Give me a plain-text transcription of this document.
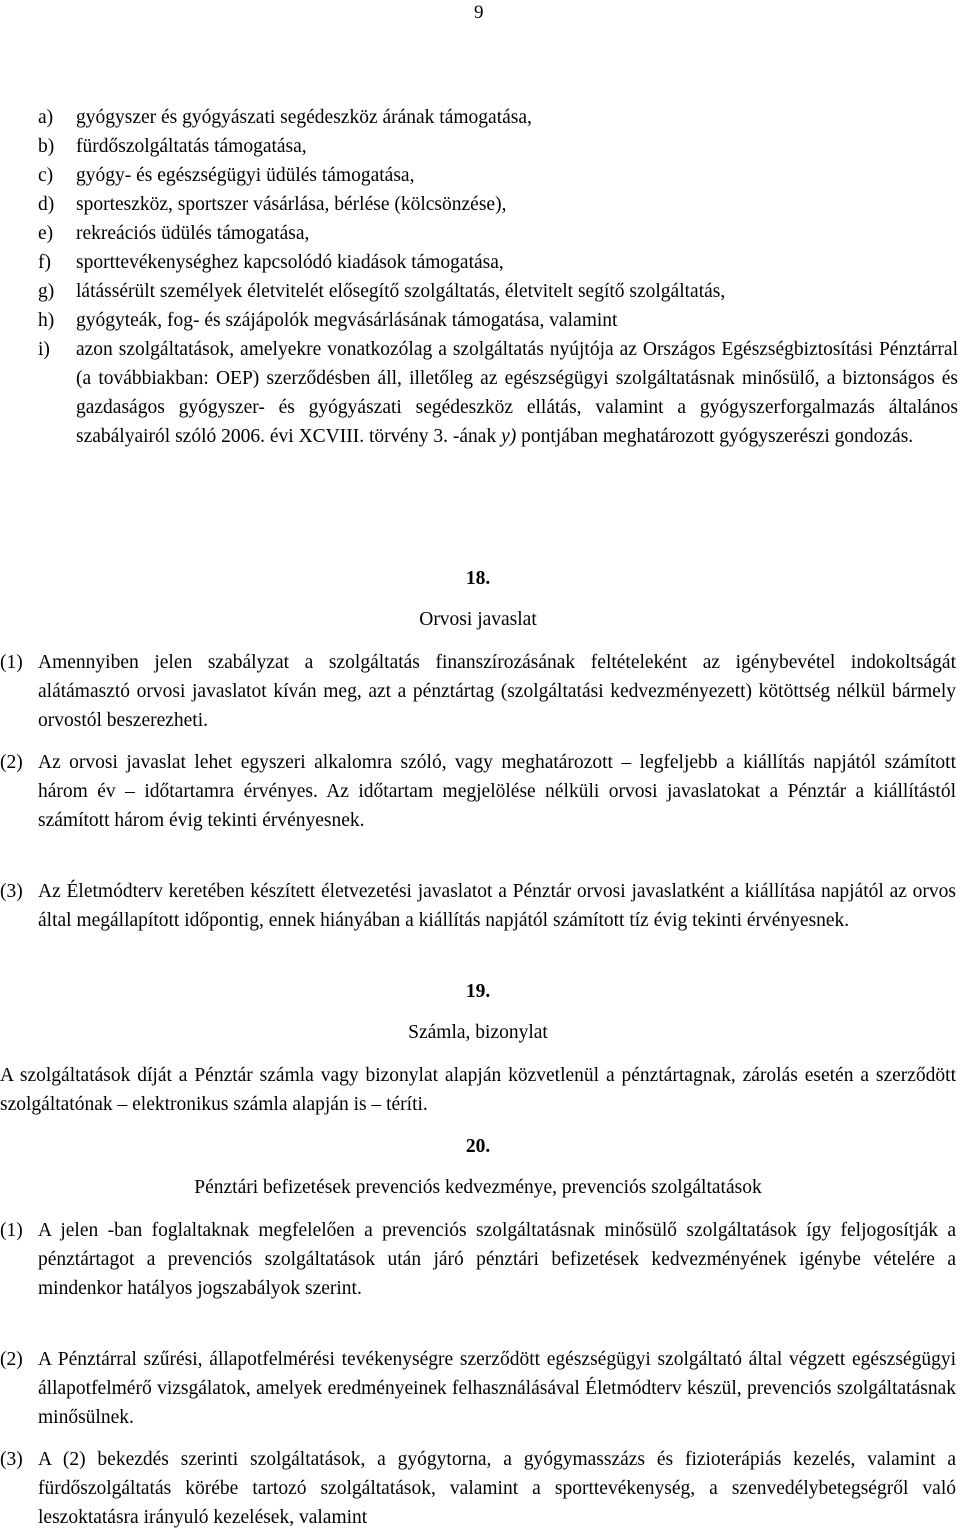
9
a) gyógyszer és gyógyászati segédeszköz árának támogatása,
b) fürdőszolgáltatás támogatása,
c) gyógy- és egészségügyi üdülés támogatása,
d) sporteszköz, sportszer vásárlása, bérlése (kölcsönzése),
e) rekreációs üdülés támogatása,
f) sporttevékenységhez kapcsolódó kiadások támogatása,
g) látássérült személyek életvitelét elősegítő szolgáltatás, életvitelt segítő szolgáltatás,
h) gyógyteák, fog- és szájápolók megvásárlásának támogatása, valamint
i) azon szolgáltatások, amelyekre vonatkozólag a szolgáltatás nyújtója az Országos Egészségbiztosítási Pénztárral (a továbbiakban: OEP) szerződésben áll, illetőleg az egészségügyi szolgáltatásnak minősülő, a biztonságos és gazdaságos gyógyszer- és gyógyászati segédeszköz ellátás, valamint a gyógyszerforgalmazás általános szabályairól szóló 2006. évi XCVIII. törvény 3. -ának y) pontjában meghatározott gyógyszerészi gondozás.
18.
Orvosi javaslat

(1) Amennyiben jelen szabályzat a szolgáltatás finanszírozásának feltételeként az igénybevétel indokoltságát alátámasztó orvosi javaslatot kíván meg, azt a pénztártag (szolgáltatási kedvezményezett) kötöttség nélkül bármely orvostól beszerezheti.

(2) Az orvosi javaslat lehet egyszeri alkalomra szóló, vagy meghatározott – legfeljebb a kiállítás napjától számított három év – időtartamra érvényes. Az időtartam megjelölése nélküli orvosi javaslatokat a Pénztár a kiállítástól számított három évig tekinti érvényesnek.

(3) Az Életmódterv keretében készített életvezetési javaslatot a Pénztár orvosi javaslatként a kiállítása napjától az orvos által megállapított időpontig, ennek hiányában a kiállítás napjától számított tíz évig tekinti érvényesnek.

19.
Számla, bizonylat

A szolgáltatások díját a Pénztár számla vagy bizonylat alapján közvetlenül a pénztártagnak, zárolás esetén a szerződött szolgáltatónak – elektronikus számla alapján is – téríti.

20.
Pénztári befizetések prevenciós kedvezménye, prevenciós szolgáltatások

(1) A jelen -ban foglaltaknak megfelelően a prevenciós szolgáltatásnak minősülő szolgáltatások így feljogosítják a pénztártagot a prevenciós szolgáltatások után járó pénztári befizetések kedvezményének igénybe vételére a mindenkor hatályos jogszabályok szerint.

(2) A Pénztárral szűrési, állapotfelmérési tevékenységre szerződött egészségügyi szolgáltató által végzett egészségügyi állapotfelmérő vizsgálatok, amelyek eredményeinek felhasználásával Életmódterv készül, prevenciós szolgáltatásnak minősülnek.

(3) A (2) bekezdés szerinti szolgáltatások, a gyógytorna, a gyógymasszázs és fizioterápiás kezelés, valamint a fürdőszolgáltatás körébe tartozó szolgáltatások, valamint a sporttevékenység, a szenvedélybetegségről való leszoktatásra irányuló kezelések, valamint
